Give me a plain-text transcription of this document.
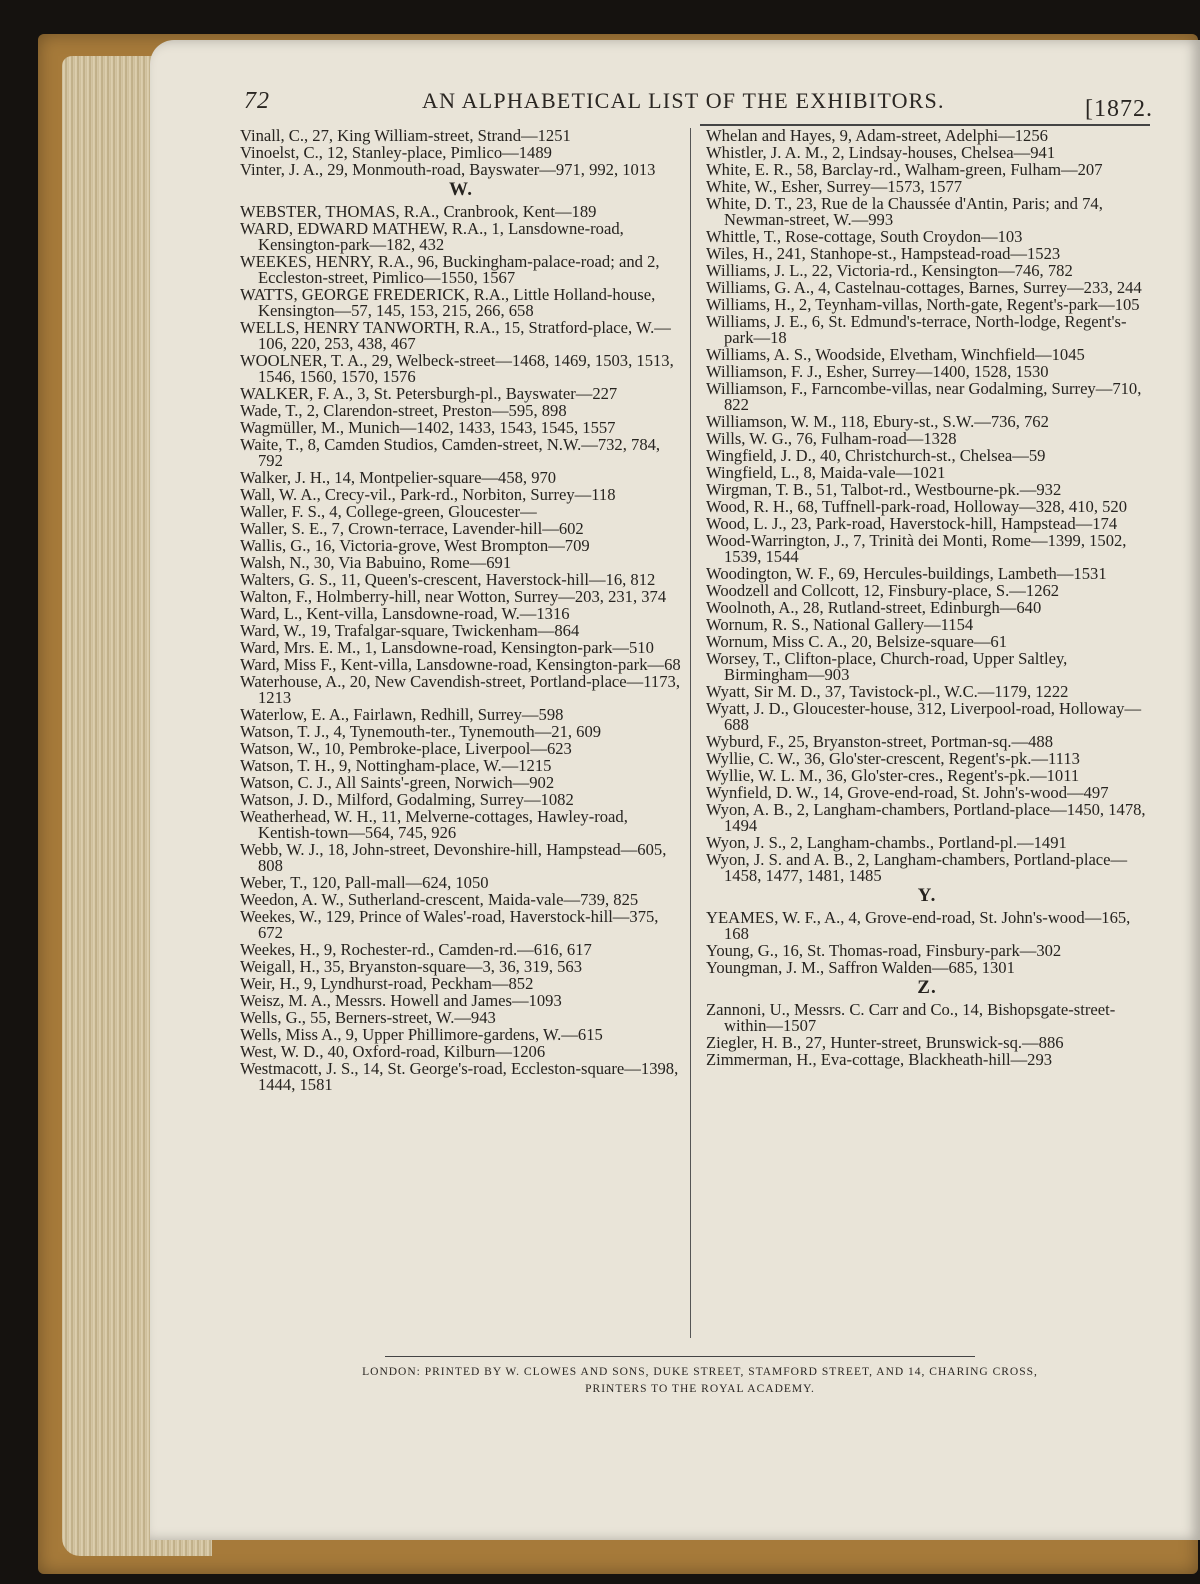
72	AN ALPHABETICAL LIST OF THE EXHIBITORS.	[1872.
Vinall, C., 27, King William-street, Strand—1251
Vinoelst, C., 12, Stanley-place, Pimlico—1489
Vinter, J. A., 29, Monmouth-road, Bayswater—971, 992, 1013
W.
WEBSTER, THOMAS, R.A., Cranbrook, Kent—189
WARD, EDWARD MATHEW, R.A., 1, Lansdowne-road, Kensington-park—182, 432
WEEKES, HENRY, R.A., 96, Buckingham-palace-road; and 2, Eccleston-street, Pimlico—1550, 1567
WATTS, GEORGE FREDERICK, R.A., Little Holland-house, Kensington—57, 145, 153, 215, 266, 658
WELLS, HENRY TANWORTH, R.A., 15, Stratford-place, W.—106, 220, 253, 438, 467
WOOLNER, T. A., 29, Welbeck-street—1468, 1469, 1503, 1513, 1546, 1560, 1570, 1576
WALKER, F. A., 3, St. Petersburgh-pl., Bayswater—227
Wade, T., 2, Clarendon-street, Preston—595, 898
Wagmüller, M., Munich—1402, 1433, 1543, 1545, 1557
Waite, T., 8, Camden Studios, Camden-street, N.W.—732, 784, 792
Walker, J. H., 14, Montpelier-square—458, 970
Wall, W. A., Crecy-vil., Park-rd., Norbiton, Surrey—118
Waller, F. S., 4, College-green, Gloucester—
Waller, S. E., 7, Crown-terrace, Lavender-hill—602
Wallis, G., 16, Victoria-grove, West Brompton—709
Walsh, N., 30, Via Babuino, Rome—691
Walters, G. S., 11, Queen's-crescent, Haverstock-hill—16, 812
Walton, F., Holmberry-hill, near Wotton, Surrey—203, 231, 374
Ward, L., Kent-villa, Lansdowne-road, W.—1316
Ward, W., 19, Trafalgar-square, Twickenham—864
Ward, Mrs. E. M., 1, Lansdowne-road, Kensington-park—510
Ward, Miss F., Kent-villa, Lansdowne-road, Kensington-park—68
Waterhouse, A., 20, New Cavendish-street, Portland-place—1173, 1213
Waterlow, E. A., Fairlawn, Redhill, Surrey—598
Watson, T. J., 4, Tynemouth-ter., Tynemouth—21, 609
Watson, W., 10, Pembroke-place, Liverpool—623
Watson, T. H., 9, Nottingham-place, W.—1215
Watson, C. J., All Saints'-green, Norwich—902
Watson, J. D., Milford, Godalming, Surrey—1082
Weatherhead, W. H., 11, Melverne-cottages, Hawley-road, Kentish-town—564, 745, 926
Webb, W. J., 18, John-street, Devonshire-hill, Hampstead—605, 808
Weber, T., 120, Pall-mall—624, 1050
Weedon, A. W., Sutherland-crescent, Maida-vale—739, 825
Weekes, W., 129, Prince of Wales'-road, Haverstock-hill—375, 672
Weekes, H., 9, Rochester-rd., Camden-rd.—616, 617
Weigall, H., 35, Bryanston-square—3, 36, 319, 563
Weir, H., 9, Lyndhurst-road, Peckham—852
Weisz, M. A., Messrs. Howell and James—1093
Wells, G., 55, Berners-street, W.—943
Wells, Miss A., 9, Upper Phillimore-gardens, W.—615
West, W. D., 40, Oxford-road, Kilburn—1206
Westmacott, J. S., 14, St. George's-road, Eccleston-square—1398, 1444, 1581
Whelan and Hayes, 9, Adam-street, Adelphi—1256
Whistler, J. A. M., 2, Lindsay-houses, Chelsea—941
White, E. R., 58, Barclay-rd., Walham-green, Fulham—207
White, W., Esher, Surrey—1573, 1577
White, D. T., 23, Rue de la Chaussée d'Antin, Paris; and 74, Newman-street, W.—993
Whittle, T., Rose-cottage, South Croydon—103
Wiles, H., 241, Stanhope-st., Hampstead-road—1523
Williams, J. L., 22, Victoria-rd., Kensington—746, 782
Williams, G. A., 4, Castelnau-cottages, Barnes, Surrey—233, 244
Williams, H., 2, Teynham-villas, North-gate, Regent's-park—105
Williams, J. E., 6, St. Edmund's-terrace, North-lodge, Regent's-park—18
Williams, A. S., Woodside, Elvetham, Winchfield—1045
Williamson, F. J., Esher, Surrey—1400, 1528, 1530
Williamson, F., Farncombe-villas, near Godalming, Surrey—710, 822
Williamson, W. M., 118, Ebury-st., S.W.—736, 762
Wills, W. G., 76, Fulham-road—1328
Wingfield, J. D., 40, Christchurch-st., Chelsea—59
Wingfield, L., 8, Maida-vale—1021
Wirgman, T. B., 51, Talbot-rd., Westbourne-pk.—932
Wood, R. H., 68, Tuffnell-park-road, Holloway—328, 410, 520
Wood, L. J., 23, Park-road, Haverstock-hill, Hampstead—174
Wood-Warrington, J., 7, Trinità dei Monti, Rome—1399, 1502, 1539, 1544
Woodington, W. F., 69, Hercules-buildings, Lambeth—1531
Woodzell and Collcott, 12, Finsbury-place, S.—1262
Woolnoth, A., 28, Rutland-street, Edinburgh—640
Wornum, R. S., National Gallery—1154
Wornum, Miss C. A., 20, Belsize-square—61
Worsey, T., Clifton-place, Church-road, Upper Saltley, Birmingham—903
Wyatt, Sir M. D., 37, Tavistock-pl., W.C.—1179, 1222
Wyatt, J. D., Gloucester-house, 312, Liverpool-road, Holloway—688
Wyburd, F., 25, Bryanston-street, Portman-sq.—488
Wyllie, C. W., 36, Glo'ster-crescent, Regent's-pk.—1113
Wyllie, W. L. M., 36, Glo'ster-cres., Regent's-pk.—1011
Wynfield, D. W., 14, Grove-end-road, St. John's-wood—497
Wyon, A. B., 2, Langham-chambers, Portland-place—1450, 1478, 1494
Wyon, J. S., 2, Langham-chambs., Portland-pl.—1491
Wyon, J. S. and A. B., 2, Langham-chambers, Portland-place—1458, 1477, 1481, 1485
Y.
YEAMES, W. F., A., 4, Grove-end-road, St. John's-wood—165, 168
Young, G., 16, St. Thomas-road, Finsbury-park—302
Youngman, J. M., Saffron Walden—685, 1301
Z.
Zannoni, U., Messrs. C. Carr and Co., 14, Bishopsgate-street-within—1507
Ziegler, H. B., 27, Hunter-street, Brunswick-sq.—886
Zimmerman, H., Eva-cottage, Blackheath-hill—293
LONDON: PRINTED BY W. CLOWES AND SONS, DUKE STREET, STAMFORD STREET, AND 14, CHARING CROSS,
PRINTERS TO THE ROYAL ACADEMY.
